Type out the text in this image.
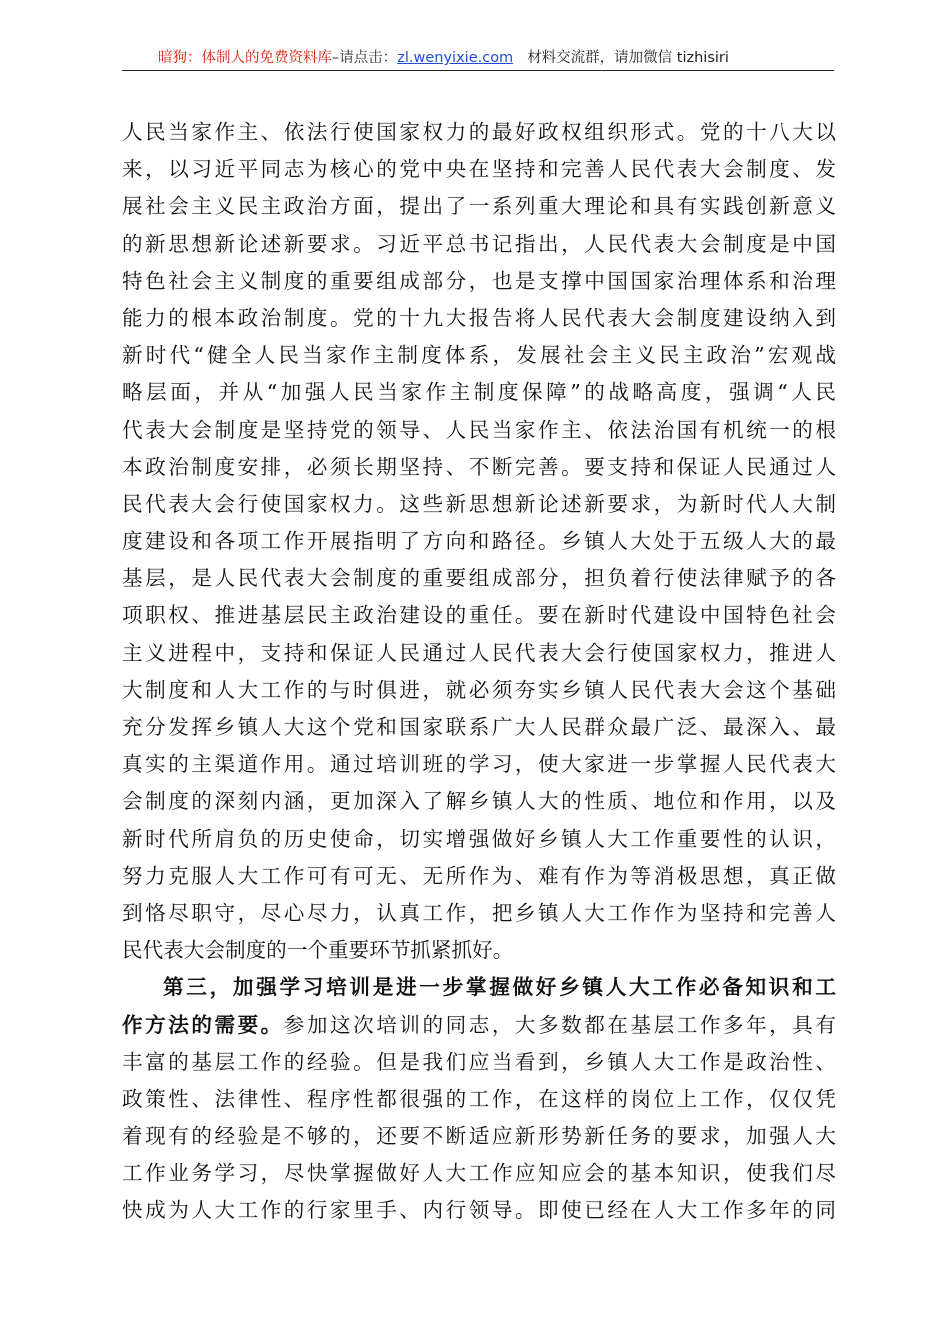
暗狗：体制人的免费资料库–请点击：zl.wenyixie.com 材料交流群，请加微信 tizhisiri
人民当家作主、依法行使国家权力的最好政权组织形式。党的十八大以
来，以习近平同志为核心的党中央在坚持和完善人民代表大会制度、发
展社会主义民主政治方面，提出了一系列重大理论和具有实践创新意义
的新思想新论述新要求。习近平总书记指出，人民代表大会制度是中国
特色社会主义制度的重要组成部分，也是支撑中国国家治理体系和治理
能力的根本政治制度。党的十九大报告将人民代表大会制度建设纳入到
新时代“健全人民当家作主制度体系，发展社会主义民主政治”宏观战
略层面，并从“加强人民当家作主制度保障”的战略高度，强调“人民
代表大会制度是坚持党的领导、人民当家作主、依法治国有机统一的根
本政治制度安排，必须长期坚持、不断完善。要支持和保证人民通过人
民代表大会行使国家权力。这些新思想新论述新要求，为新时代人大制
度建设和各项工作开展指明了方向和路径。乡镇人大处于五级人大的最
基层，是人民代表大会制度的重要组成部分，担负着行使法律赋予的各
项职权、推进基层民主政治建设的重任。要在新时代建设中国特色社会
主义进程中，支持和保证人民通过人民代表大会行使国家权力，推进人
大制度和人大工作的与时俱进，就必须夯实乡镇人民代表大会这个基础
充分发挥乡镇人大这个党和国家联系广大人民群众最广泛、最深入、最
真实的主渠道作用。通过培训班的学习，使大家进一步掌握人民代表大
会制度的深刻内涵，更加深入了解乡镇人大的性质、地位和作用，以及
新时代所肩负的历史使命，切实增强做好乡镇人大工作重要性的认识，
努力克服人大工作可有可无、无所作为、难有作为等消极思想，真正做
到恪尽职守，尽心尽力，认真工作，把乡镇人大工作作为坚持和完善人
民代表大会制度的一个重要环节抓紧抓好。
第三，加强学习培训是进一步掌握做好乡镇人大工作必备知识和工
作方法的需要。参加这次培训的同志，大多数都在基层工作多年，具有
丰富的基层工作的经验。但是我们应当看到，乡镇人大工作是政治性、
政策性、法律性、程序性都很强的工作，在这样的岗位上工作，仅仅凭
着现有的经验是不够的，还要不断适应新形势新任务的要求，加强人大
工作业务学习，尽快掌握做好人大工作应知应会的基本知识，使我们尽
快成为人大工作的行家里手、内行领导。即使已经在人大工作多年的同
